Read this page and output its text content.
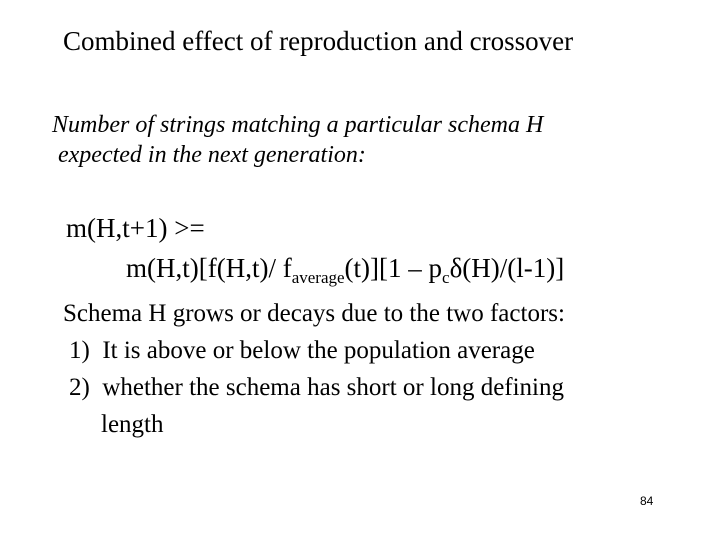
Combined effect of reproduction and crossover
Number of strings matching a particular schema H
expected in the next generation:
m(H,t+1) >=
m(H,t)[f(H,t)/ $f_{average}(t)][1 - p_c\delta(H)/(l-1)]$
Schema H grows or decays due to the two factors:
1)  It is above or below the population average
2)  whether the schema has short or long defining
length
84
